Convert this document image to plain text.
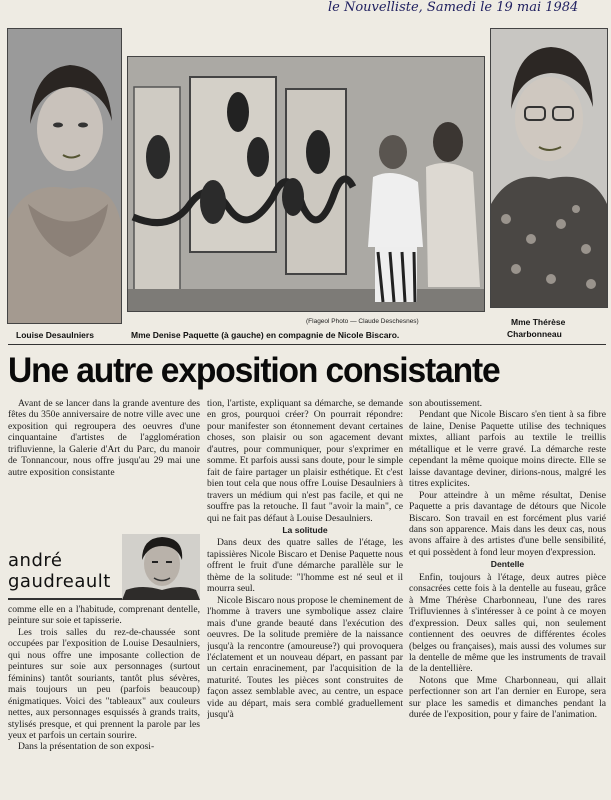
le Nouvelliste, Samedi le 19 mai 1984
Louise Desaulniers
(Flageol Photo — Claude Deschesnes)
Mme Denise Paquette (à gauche) en compagnie de Nicole Biscaro.
Mme Thérèse
Charbonneau
Une autre exposition consistante

Avant de se lancer dans la grande aventure des fêtes du 350e anniversaire de notre ville avec une exposition qui regroupera des oeuvres d'une cinquantaine d'artistes de l'agglomération trifluvienne, la Galerie d'Art du Parc, du manoir de Tonnancour, nous offre jusqu'au 29 mai une autre exposition consistante

andré
gaudreault

comme elle en a l'habitude, comprenant dentelle, peinture sur soie et tapisserie.

Les trois salles du rez-de-chaussée sont occupées par l'exposition de Louise Desaulniers, qui nous offre une imposante collection de peintures sur soie aux personnages (surtout féminins) tantôt souriants, tantôt plus sévères, mais toujours un peu (parfois beaucoup) énigmatiques. Voici des "tableaux" aux couleurs nettes, aux personnages esquissés à grands traits, stylisés presque, et qui prennent la parole par les yeux et parfois un certain sourire.

Dans la présentation de son exposi-

tion, l'artiste, expliquant sa démarche, se demande en gros, pourquoi créer? On pourrait répondre: pour manifester son étonnement devant certaines choses, son plaisir ou son agacement devant d'autres, pour communiquer, pour s'exprimer en somme. Et parfois aussi sans doute, pour le simple fait de faire partager un plaisir esthétique. Et c'est bien tout cela que nous offre Louise Desaulniers à travers un médium qui n'est pas facile, et qui ne souffre pas la retouche. Il faut "avoir la main", ce qui ne fait pas défaut à Louise Desaulniers.

La solitude

Dans deux des quatre salles de l'étage, les tapissières Nicole Biscaro et Denise Paquette nous offrent le fruit d'une démarche parallèle sur le thème de la solitude: "l'homme est né seul et il mourra seul.

Nicole Biscaro nous propose le cheminement de l'homme à travers une symbolique assez claire mais d'une grande beauté dans l'exécution des oeuvres. De la solitude première de la naissance jusqu'à la rencontre (amoureuse?) qui provoquera l'éclatement et un nouveau départ, en passant par un certain enracinement, par l'acquisition de la maturité. Toutes les pièces sont construites de façon assez semblable avec, au centre, un espace vide au départ, mais sera comblé graduellement jusqu'à

son aboutissement.

Pendant que Nicole Biscaro s'en tient à sa fibre de laine, Denise Paquette utilise des techniques mixtes, alliant parfois au textile le treillis métallique et le verre gravé. La démarche reste cependant la même quoique moins directe. Elle se laisse davantage deviner, dirions-nous, malgré les titres explicites.

Pour atteindre à un même résultat, Denise Paquette a pris davantage de détours que Nicole Biscaro. Son travail en est forcément plus varié dans son apparence. Mais dans les deux cas, nous avons affaire à des artistes d'une belle sensibilité, et qui possèdent à fond leur moyen d'expression.

Dentelle

Enfin, toujours à l'étage, deux autres pièce consacrées cette fois à la dentelle au fuseau, grâce à Mme Thérèse Charbonneau, l'une des rares Trifluviennes à s'intéresser à ce point à ce moyen d'expression. Deux salles qui, non seulement contiennent des oeuvres de différentes écoles (belges ou françaises), mais aussi des volumes sur la dentelle de même que les instruments de travail de la dentellière.

Notons que Mme Charbonneau, qui allait perfectionner son art l'an dernier en Europe, sera sur place les samedis et dimanches pendant la durée de l'exposition, pour y faire de l'animation.
